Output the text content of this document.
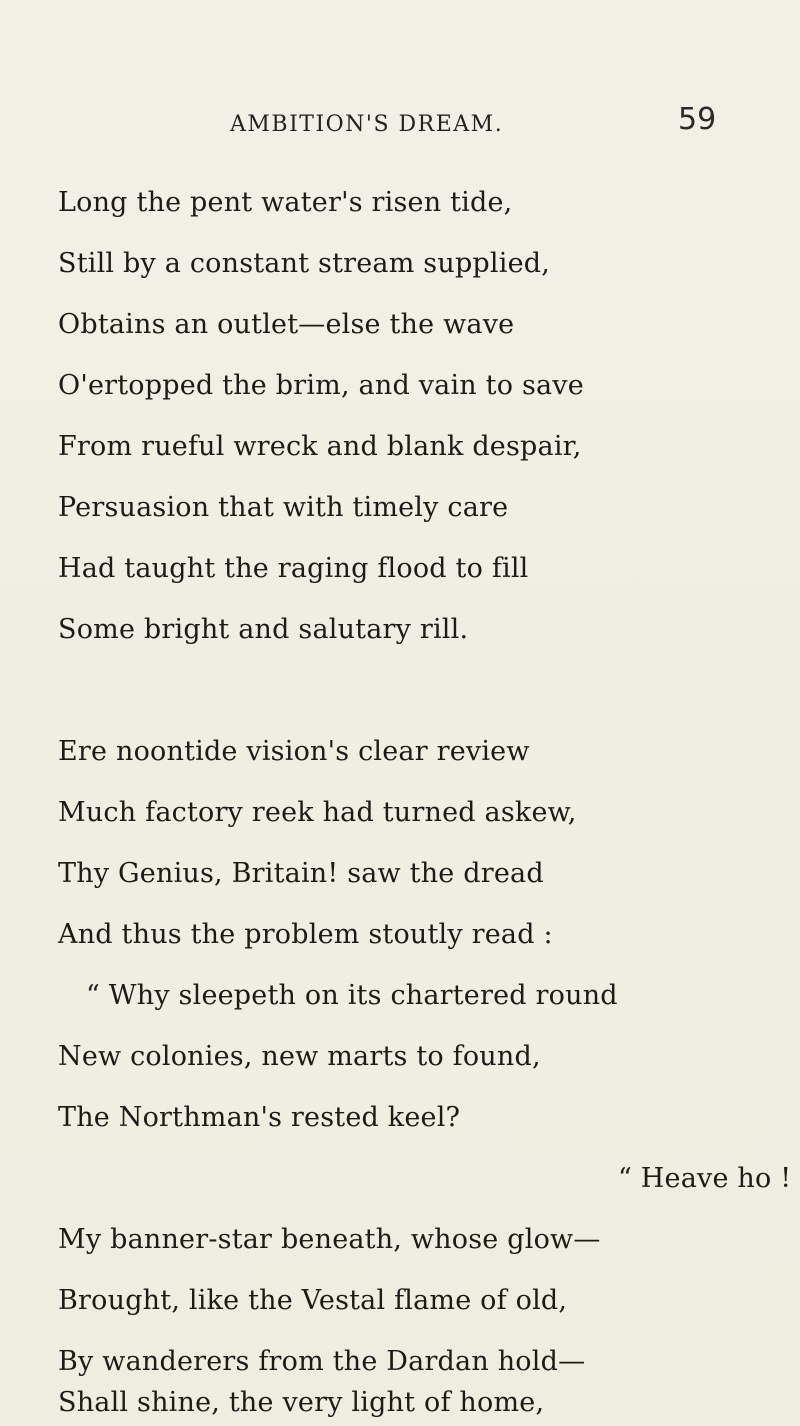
AMBITION'S DREAM.	59
Long the pent water's risen tide,
Still by a constant stream supplied,
Obtains an outlet—else the wave
O'ertopped the brim, and vain to save
From rueful wreck and blank despair,
Persuasion that with timely care
Had taught the raging flood to fill
Some bright and salutary rill.
Ere noontide vision's clear review
Much factory reek had turned askew,
Thy Genius, Britain! saw the dread
And thus the problem stoutly read :
“ Why sleepeth on its chartered round
New colonies, new marts to found,
The Northman's rested keel?
“ Heave ho !
My banner-star beneath, whose glow—
Brought, like the Vestal flame of old,
By wanderers from the Dardan hold—
Shall shine, the very light of home,
